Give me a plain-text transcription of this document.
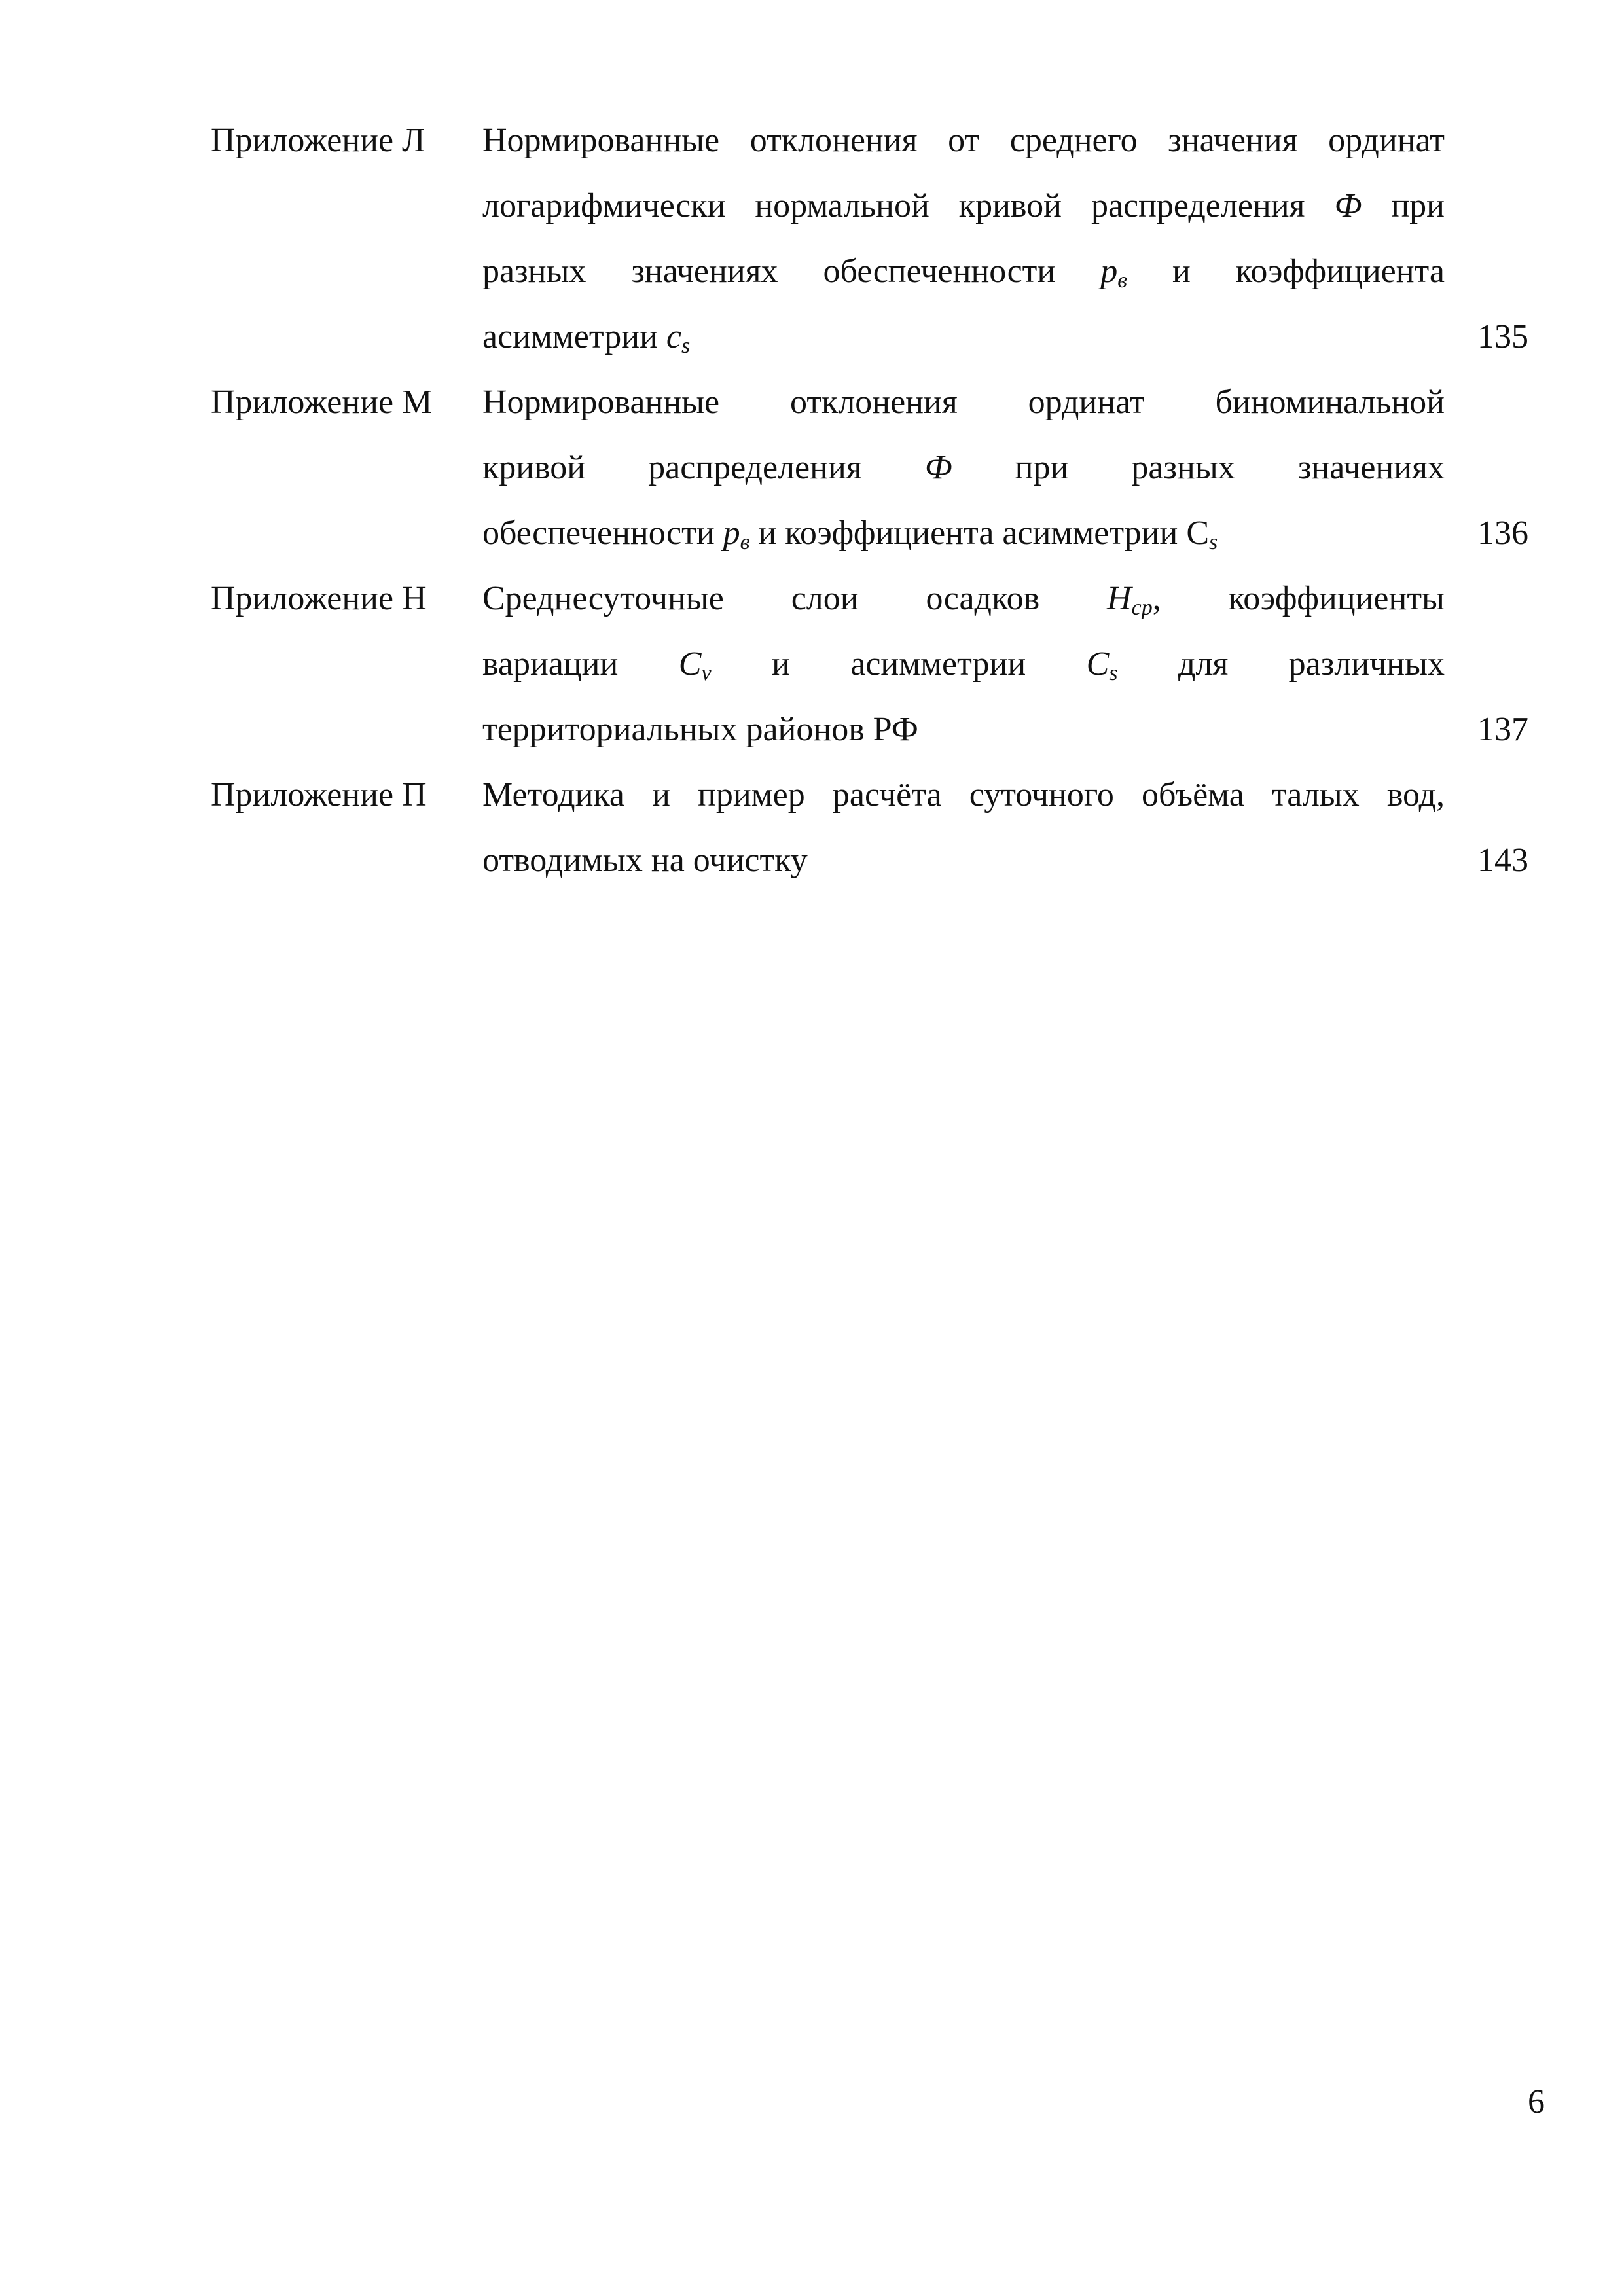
Приложение Л Нормированные отклонения от среднего значения ординат
логарифмически нормальной кривой распределения Ф при
разных значениях обеспеченности $p_в$ и коэффициента
асимметрии $c_s$	135
Приложение М Нормированные отклонения ординат биноминальной
кривой распределения Ф при разных значениях
обеспеченности $p_в$ и коэффициента асимметрии $C_s$	136
Приложение Н Среднесуточные слои осадков $H_{ср}$, коэффициенты
вариации $C_v$ и асимметрии $C_s$ для различных
территориальных районов РФ	137
Приложение П Методика и пример расчёта суточного объёма талых вод,
отводимых на очистку	143
6
